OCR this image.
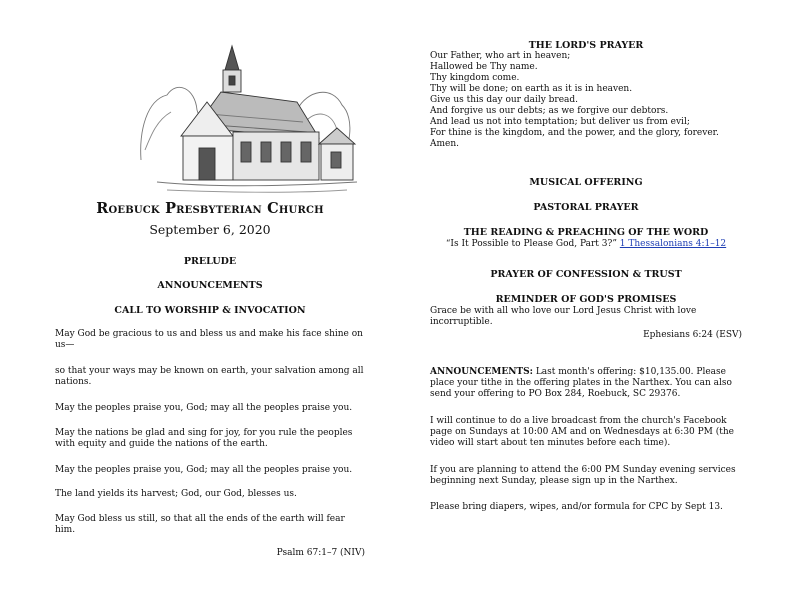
Roebuck Presbyterian Church
September 6, 2020
PRELUDE
ANNOUNCEMENTS
CALL TO WORSHIP & INVOCATION
May God be gracious to us and bless us and make his face shine on us—
so that your ways may be known on earth, your salvation among all nations.
May the peoples praise you, God; may all the peoples praise you.
May the nations be glad and sing for joy, for you rule the peoples with equity and guide the nations of the earth.
May the peoples praise you, God; may all the peoples praise you.
The land yields its harvest; God, our God, blesses us.
May God bless us still, so that all the ends of the earth will fear him.
Psalm 67:1–7 (NIV)
THE LORD'S PRAYER
Our Father, who art in heaven;
Hallowed be Thy name.
Thy kingdom come.
Thy will be done; on earth as it is in heaven.
Give us this day our daily bread.
And forgive us our debts; as we forgive our debtors.
And lead us not into temptation; but deliver us from evil;
For thine is the kingdom, and the power, and the glory, forever.
Amen.
MUSICAL OFFERING
PASTORAL PRAYER
THE READING & PREACHING OF THE WORD
“Is It Possible to Please God, Part 3?” 1 Thessalonians 4:1–12
PRAYER OF CONFESSION & TRUST
REMINDER OF GOD'S PROMISES
Grace be with all who love our Lord Jesus Christ with love incorruptible.
Ephesians 6:24 (ESV)
ANNOUNCEMENTS: Last month's offering: $10,135.00. Please place your tithe in the offering plates in the Narthex. You can also send your offering to PO Box 284, Roebuck, SC 29376.
I will continue to do a live broadcast from the church's Facebook page on Sundays at 10:00 AM and on Wednesdays at 6:30 PM (the video will start about ten minutes before each time).
If you are planning to attend the 6:00 PM Sunday evening services beginning next Sunday, please sign up in the Narthex.
Please bring diapers, wipes, and/or formula for CPC by Sept 13.
